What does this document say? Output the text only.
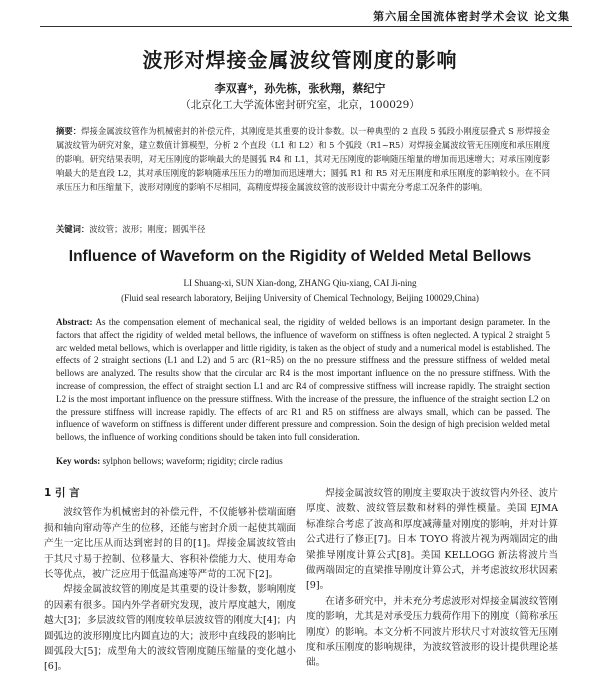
第六届全国流体密封学术会议 论文集
波形对焊接金属波纹管刚度的影响
李双喜*，孙先栋，张秋翔，蔡纪宁
（北京化工大学流体密封研究室，北京，100029）
摘要：焊接金属波纹管作为机械密封的补偿元件，其刚度是其重要的设计参数。以一种典型的 2 直段 5 弧段小刚度层叠式 S 形焊接金属波纹管为研究对象，建立数值计算模型，分析 2 个直段（L1 和 L2）和 5 个弧段（R1~R5）对焊接金属波纹管无压刚度和承压刚度的影响。研究结果表明，对无压刚度的影响最大的是圆弧 R4 和 L1，其对无压刚度的影响随压缩量的增加而迅速增大；对承压刚度影响最大的是直段 L2，其对承压刚度的影响随承压压力的增加而迅速增大；圆弧 R1 和 R5 对无压刚度和承压刚度的影响较小。在不同承压压力和压缩量下，波形对刚度的影响不尽相同，高精度焊接金属波纹管的波形设计中需充分考虑工况条件的影响。
关键词：波纹管；波形；刚度；圆弧半径
Influence of Waveform on the Rigidity of Welded Metal Bellows
LI Shuang-xi, SUN Xian-dong, ZHANG Qiu-xiang, CAI Ji-ning
(Fluid seal research laboratory, Beijing University of Chemical Technology, Beijing 100029,China)
Abstract: As the compensation element of mechanical seal, the rigidity of welded bellows is an important design parameter. In the factors that affect the rigidity of welded metal bellows, the influence of waveform on stiffness is often neglected. A typical 2 straight 5 arc welded metal bellows, which is overlapper and little rigidity, is taken as the object of study and a numerical model is established. The effects of 2 straight sections (L1 and L2) and 5 arc (R1~R5) on the no pressure stiffness and the pressure stiffness of welded metal bellows are analyzed. The results show that the circular arc R4 is the most important influence on the no pressure stiffness. With the increase of compression, the effect of straight section L1 and arc R4 of compressive stiffness will increase rapidly. The straight section L2 is the most important influence on the pressure stiffness. With the increase of the pressure, the influence of the straight section L2 on the pressure stiffness will increase rapidly. The effects of arc R1 and R5 on stiffness are always small, which can be passed. The influence of waveform on stiffness is different under different pressure and compression. Soin the design of high precision welded metal bellows, the influence of working conditions should be taken into full consideration.
Key words: sylphon bellows; waveform; rigidity; circle radius
1 引 言

波纹管作为机械密封的补偿元件，不仅能够补偿端面磨损和轴向窜动等产生的位移，还能与密封介质一起使其端面产生一定比压从而达到密封的目的[1]。焊接金属波纹管由于其尺寸易于控制、位移量大、容积补偿能力大、使用寿命长等优点，被广泛应用于低温高速等严苛的工况下[2]。

焊接金属波纹管的刚度是其重要的设计参数，影响刚度的因素有很多。国内外学者研究发现，波片厚度越大，刚度越大[3]；多层波纹管的刚度较单层波纹管的刚度大[4]；内圆弧边的波形刚度比内圆直边的大；波形中直线段的影响比圆弧段大[5]；成型角大的波纹管刚度随压缩量的变化越小[6]。

焊接金属波纹管的刚度主要取决于波纹管内外径、波片厚度、波数、波纹管层数和材料的弹性模量。美国 EJMA 标准综合考虑了波高和厚度减薄量对刚度的影响，并对计算公式进行了修正[7]。日本 TOYO 将波片视为两端固定的曲梁推导刚度计算公式[8]。美国 KELLOGG 新法将波片当做两端固定的直梁推导刚度计算公式，并考虑波纹形状因素[9]。

在诸多研究中，并未充分考虑波形对焊接金属波纹管刚度的影响，尤其是对承受压力载荷作用下的刚度（简称承压刚度）的影响。本文分析不同波片形状尺寸对波纹管无压刚度和承压刚度的影响规律，为波纹管波形的设计提供理论基础。
